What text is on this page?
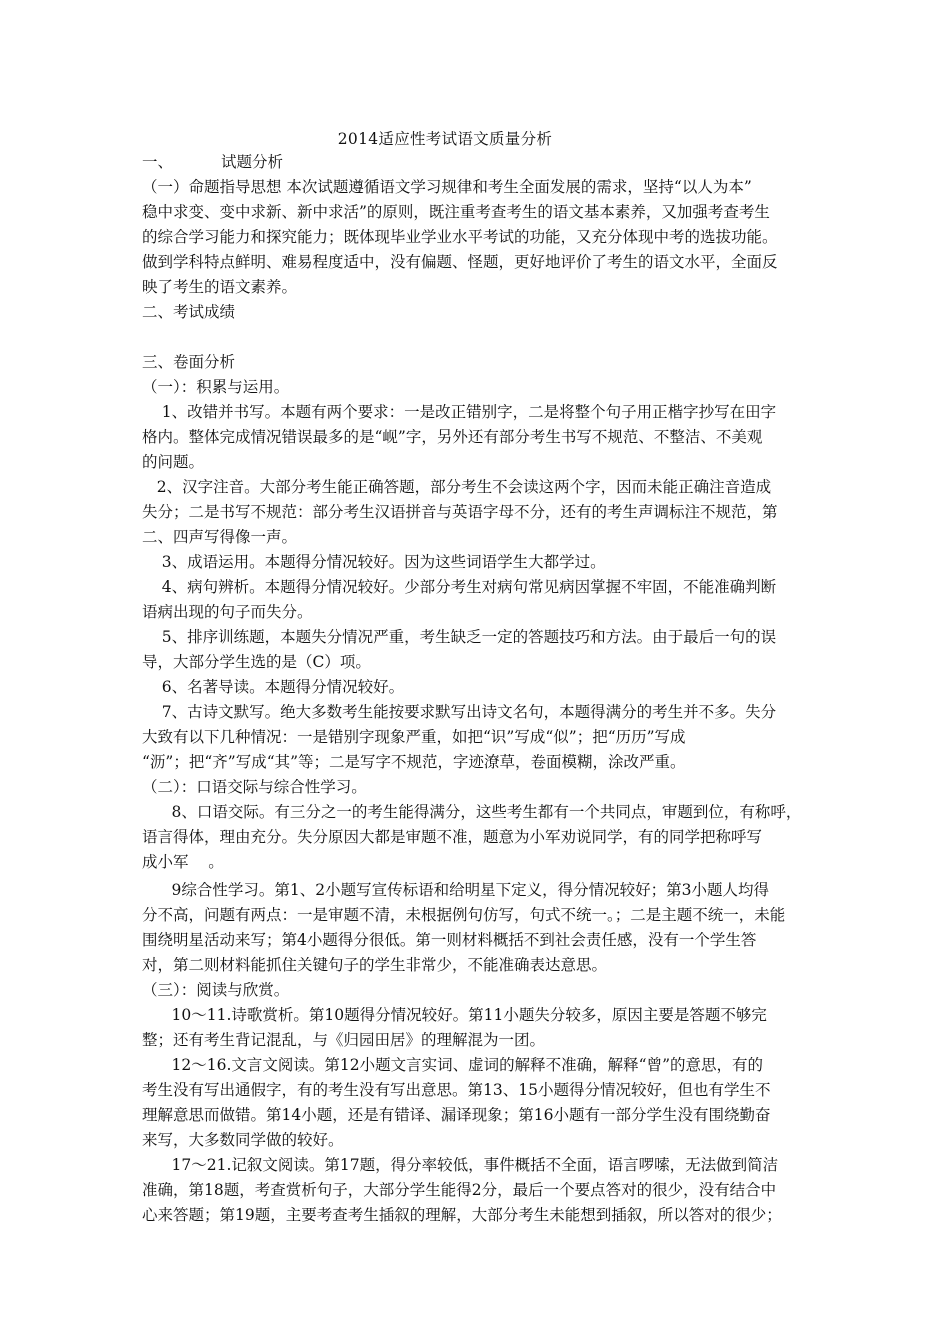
2014适应性考试语文质量分析
一、	试题分析
（一）命题指导思想 本次试题遵循语文学习规律和考生全面发展的需求，坚持“以人为本”
稳中求变、变中求新、新中求活”的原则，既注重考查考生的语文基本素养，又加强考查考生
的综合学习能力和探究能力；既体现毕业学业水平考试的功能，又充分体现中考的选拔功能。
做到学科特点鲜明、难易程度适中，没有偏题、怪题，更好地评价了考生的语文水平，全面反
映了考生的语文素养。
二、考试成绩
三、卷面分析
（一）：积累与运用。
1、改错并书写。本题有两个要求：一是改正错别字，二是将整个句子用正楷字抄写在田字
格内。整体完成情况错误最多的是“岘”字，另外还有部分考生书写不规范、不整洁、不美观
的问题。
2、汉字注音。大部分考生能正确答题，部分考生不会读这两个字，因而未能正确注音造成
失分；二是书写不规范：部分考生汉语拼音与英语字母不分，还有的考生声调标注不规范，第
二、四声写得像一声。
3、成语运用。本题得分情况较好。因为这些词语学生大都学过。
4、病句辨析。本题得分情况较好。少部分考生对病句常见病因掌握不牢固，不能准确判断
语病出现的句子而失分。
5、排序训练题，本题失分情况严重，考生缺乏一定的答题技巧和方法。由于最后一句的误
导，大部分学生选的是（C）项。
6、名著导读。本题得分情况较好。
7、古诗文默写。绝大多数考生能按要求默写出诗文名句，本题得满分的考生并不多。失分
大致有以下几种情况：一是错别字现象严重，如把“识”写成“似”；把“历历”写成
“沥”；把“齐”写成“其”等；二是写字不规范，字迹潦草，卷面模糊，涂改严重。
（二）：口语交际与综合性学习。
8、口语交际。有三分之一的考生能得满分，这些考生都有一个共同点，审题到位，有称呼，
语言得体，理由充分。失分原因大都是审题不准，题意为小军劝说同学，有的同学把称呼写
成小军    。
9综合性学习。第1、2小题写宣传标语和给明星下定义，得分情况较好；第3小题人均得
分不高，问题有两点：一是审题不清，未根据例句仿写，句式不统一。；二是主题不统一，未能
围绕明星活动来写；第4小题得分很低。第一则材料概括不到社会责任感，没有一个学生答
对，第二则材料能抓住关键句子的学生非常少，不能准确表达意思。
（三）：阅读与欣赏。
10～11.诗歌赏析。第10题得分情况较好。第11小题失分较多，原因主要是答题不够完
整；还有考生背记混乱，与《归园田居》的理解混为一团。
12～16.文言文阅读。第12小题文言实词、虚词的解释不准确，解释“曾”的意思，有的
考生没有写出通假字，有的考生没有写出意思。第13、15小题得分情况较好，但也有学生不
理解意思而做错。第14小题，还是有错译、漏译现象；第16小题有一部分学生没有围绕勤奋
来写，大多数同学做的较好。
17～21.记叙文阅读。第17题，得分率较低，事件概括不全面，语言啰嗦，无法做到简洁
准确，第18题，考查赏析句子，大部分学生能得2分，最后一个要点答对的很少，没有结合中
心来答题；第19题，主要考查考生插叙的理解，大部分考生未能想到插叙，所以答对的很少；
